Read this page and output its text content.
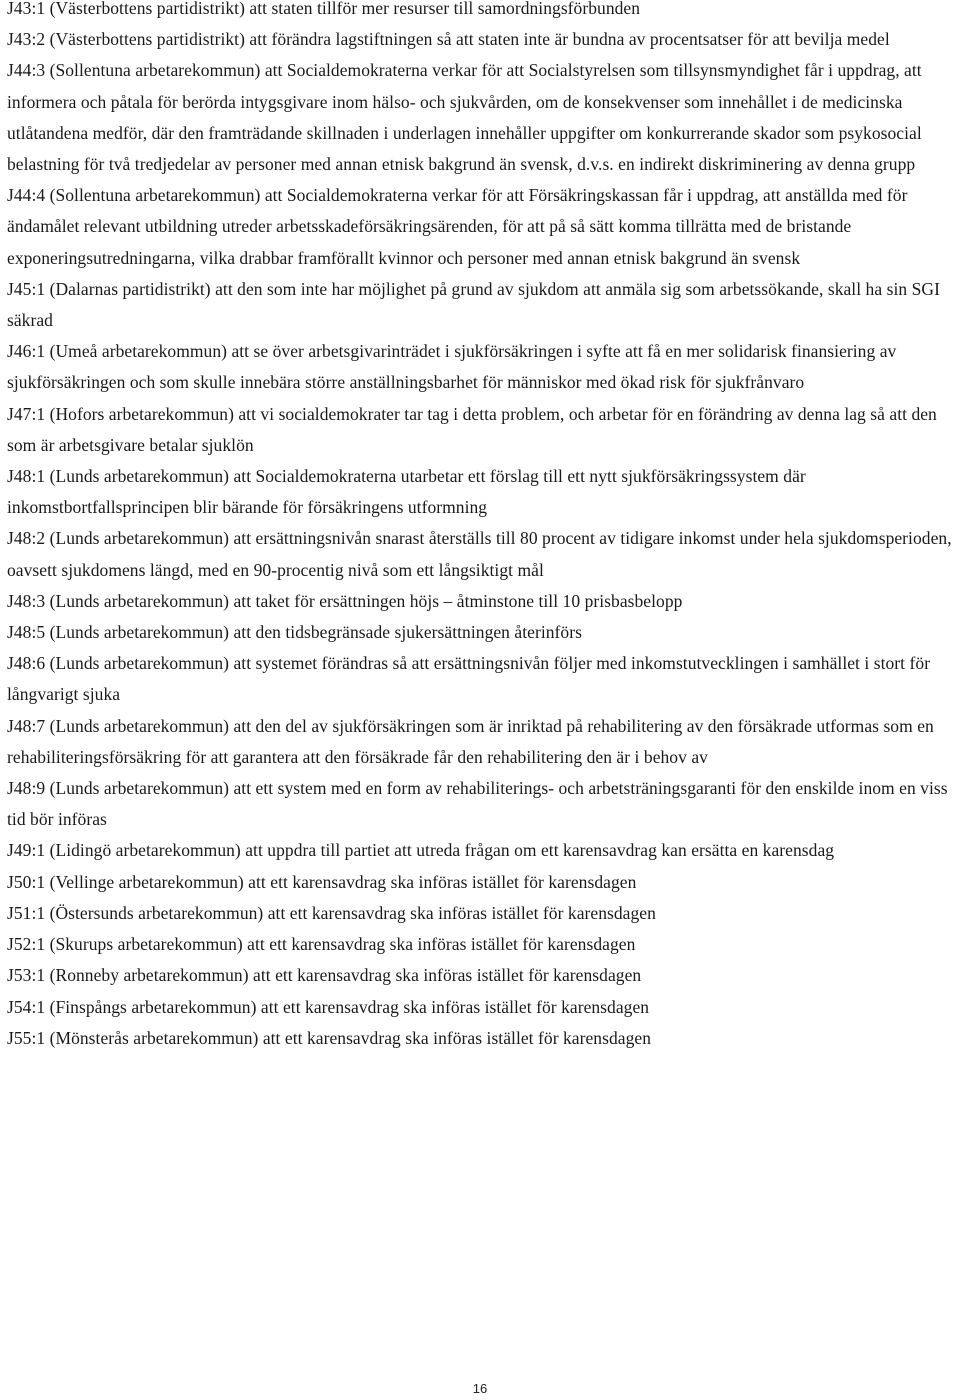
J43:1 (Västerbottens partidistrikt) att staten tillför mer resurser till samordningsförbunden

J43:2 (Västerbottens partidistrikt) att förändra lagstiftningen så att staten inte är bundna av procentsatser för att bevilja medel

J44:3 (Sollentuna arbetarekommun) att Socialdemokraterna verkar för att Socialstyrelsen som tillsynsmyndighet får i uppdrag, att informera och påtala för berörda intygsgivare inom hälso- och sjukvården, om de konsekvenser som innehållet i de medicinska utlåtandena medför, där den framträdande skillnaden i underlagen innehåller uppgifter om konkurrerande skador som psykosocial belastning för två tredjedelar av personer med annan etnisk bakgrund än svensk, d.v.s. en indirekt diskriminering av denna grupp

J44:4 (Sollentuna arbetarekommun) att Socialdemokraterna verkar för att Försäkringskassan får i uppdrag, att anställda med för ändamålet relevant utbildning utreder arbetsskadeförsäkringsärenden, för att på så sätt komma tillrätta med de bristande exponeringsutredningarna, vilka drabbar framförallt kvinnor och personer med annan etnisk bakgrund än svensk

J45:1 (Dalarnas partidistrikt) att den som inte har möjlighet på grund av sjukdom att anmäla sig som arbetssökande, skall ha sin SGI säkrad

J46:1 (Umeå arbetarekommun) att se över arbetsgivarinträdet i sjukförsäkringen i syfte att få en mer solidarisk finansiering av sjukförsäkringen och som skulle innebära större anställningsbarhet för människor med ökad risk för sjukfrånvaro

J47:1 (Hofors arbetarekommun) att vi socialdemokrater tar tag i detta problem, och arbetar för en förändring av denna lag så att den som är arbetsgivare betalar sjuklön

J48:1 (Lunds arbetarekommun) att Socialdemokraterna utarbetar ett förslag till ett nytt sjukförsäkringssystem där inkomstbortfallsprincipen blir bärande för försäkringens utformning

J48:2 (Lunds arbetarekommun) att ersättningsnivån snarast återställs till 80 procent av tidigare inkomst under hela sjukdomsperioden, oavsett sjukdomens längd, med en 90-procentig nivå som ett långsiktigt mål

J48:3 (Lunds arbetarekommun) att taket för ersättningen höjs – åtminstone till 10 prisbasbelopp

J48:5 (Lunds arbetarekommun) att den tidsbegränsade sjukersättningen återinförs

J48:6 (Lunds arbetarekommun) att systemet förändras så att ersättningsnivån följer med inkomstutvecklingen i samhället i stort för långvarigt sjuka

J48:7 (Lunds arbetarekommun) att den del av sjukförsäkringen som är inriktad på rehabilitering av den försäkrade utformas som en rehabiliteringsförsäkring för att garantera att den försäkrade får den rehabilitering den är i behov av

J48:9 (Lunds arbetarekommun) att ett system med en form av rehabiliterings- och arbetsträningsgaranti för den enskilde inom en viss tid bör införas

J49:1 (Lidingö arbetarekommun) att uppdra till partiet att utreda frågan om ett karensavdrag kan ersätta en karensdag

J50:1 (Vellinge arbetarekommun) att ett karensavdrag ska införas istället för karensdagen

J51:1 (Östersunds arbetarekommun) att ett karensavdrag ska införas istället för karensdagen

J52:1 (Skurups arbetarekommun) att ett karensavdrag ska införas istället för karensdagen

J53:1 (Ronneby arbetarekommun) att ett karensavdrag ska införas istället för karensdagen

J54:1 (Finspångs arbetarekommun) att ett karensavdrag ska införas istället för karensdagen

J55:1 (Mönsterås arbetarekommun) att ett karensavdrag ska införas istället för karensdagen

16
